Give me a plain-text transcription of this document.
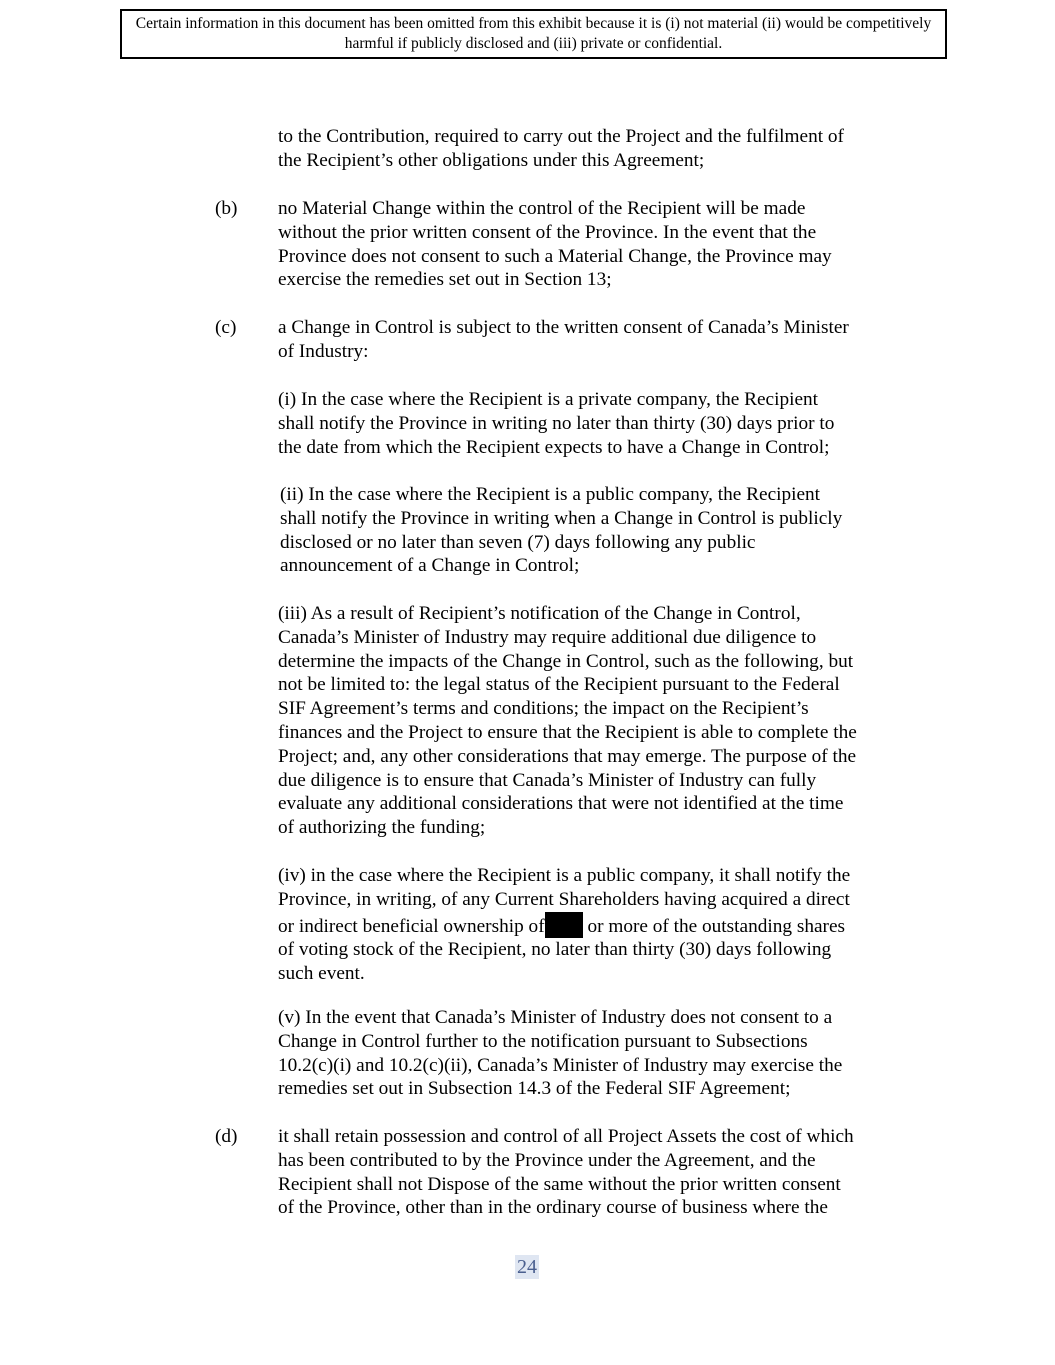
Certain information in this document has been omitted from this exhibit because it is (i) not material (ii) would be competitively harmful if publicly disclosed and (iii) private or confidential.
to the Contribution, required to carry out the Project and the fulfilment of
the Recipient’s other obligations under this Agreement;
(b) no Material Change within the control of the Recipient will be made
without the prior written consent of the Province. In the event that the
Province does not consent to such a Material Change, the Province may
exercise the remedies set out in Section 13;
(c) a Change in Control is subject to the written consent of Canada’s Minister
of Industry:
(i) In the case where the Recipient is a private company, the Recipient
shall notify the Province in writing no later than thirty (30) days prior to
the date from which the Recipient expects to have a Change in Control;
(ii) In the case where the Recipient is a public company, the Recipient
shall notify the Province in writing when a Change in Control is publicly
disclosed or no later than seven (7) days following any public
announcement of a Change in Control;
(iii) As a result of Recipient’s notification of the Change in Control,
Canada’s Minister of Industry may require additional due diligence to
determine the impacts of the Change in Control, such as the following, but
not be limited to: the legal status of the Recipient pursuant to the Federal
SIF Agreement’s terms and conditions; the impact on the Recipient’s
finances and the Project to ensure that the Recipient is able to complete the
Project; and, any other considerations that may emerge. The purpose of the
due diligence is to ensure that Canada’s Minister of Industry can fully
evaluate any additional considerations that were not identified at the time
of authorizing the funding;
(iv) in the case where the Recipient is a public company, it shall notify the
Province, in writing, of any Current Shareholders having acquired a direct
or indirect beneficial ownership of or more of the outstanding shares
of voting stock of the Recipient, no later than thirty (30) days following
such event.
(v) In the event that Canada’s Minister of Industry does not consent to a
Change in Control further to the notification pursuant to Subsections
10.2(c)(i) and 10.2(c)(ii), Canada’s Minister of Industry may exercise the
remedies set out in Subsection 14.3 of the Federal SIF Agreement;
(d) it shall retain possession and control of all Project Assets the cost of which
has been contributed to by the Province under the Agreement, and the
Recipient shall not Dispose of the same without the prior written consent
of the Province, other than in the ordinary course of business where the
24
